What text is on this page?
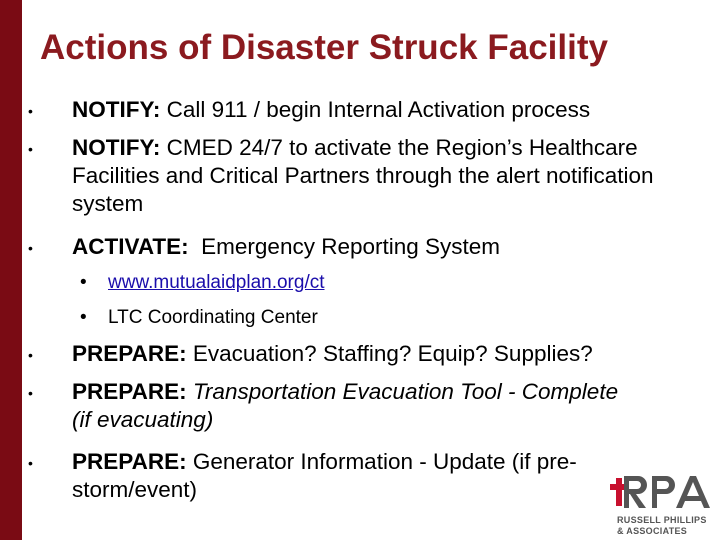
Actions of Disaster Struck Facility
• NOTIFY: Call 911 / begin Internal Activation process
• NOTIFY: CMED 24/7 to activate the Region’s Healthcare Facilities and Critical Partners through the alert notification system
• ACTIVATE:  Emergency Reporting System
• www.mutualaidplan.org/ct
• LTC Coordinating Center
• PREPARE: Evacuation? Staffing? Equip? Supplies?
• PREPARE: Transportation Evacuation Tool - Complete (if evacuating)
• PREPARE: Generator Information - Update (if pre-storm/event)
RUSSELL PHILLIPS
& ASSOCIATES
